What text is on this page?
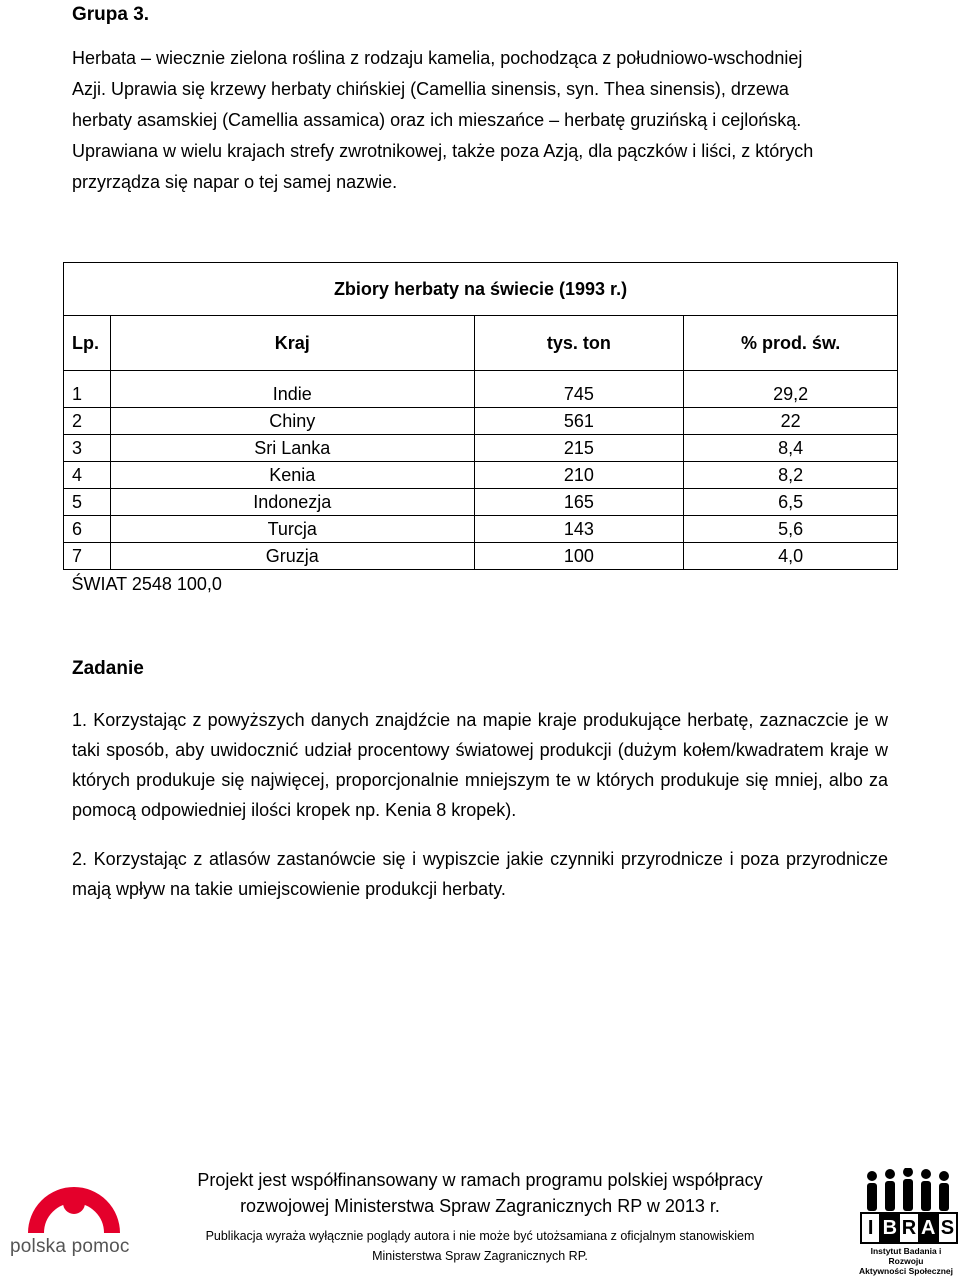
Grupa 3.
Herbata – wiecznie zielona roślina z rodzaju kamelia, pochodząca z południowo-wschodniej
Azji. Uprawia się krzewy herbaty chińskiej (Camellia sinensis, syn. Thea sinensis), drzewa
herbaty asamskiej (Camellia assamica) oraz ich mieszańce – herbatę gruzińską i cejlońską.
Uprawiana w wielu krajach strefy zwrotnikowej, także poza Azją, dla pączków i liści, z których
przyrządza się napar o tej samej nazwie.
Zbiory herbaty na świecie (1993 r.)			
Lp.	Kraj	tys. ton	% prod. św.
1	Indie	745	29,2
2	Chiny	561	22
3	Sri Lanka	215	8,4
4	Kenia	210	8,2
5	Indonezja	165	6,5
6	Turcja	143	5,6
7	Gruzja	100	4,0
ŚWIAT 2548 100,0			
Zadanie

1. Korzystając z powyższych danych znajdźcie na mapie kraje produkujące herbatę, zaznaczcie je w taki sposób, aby uwidocznić udział procentowy światowej produkcji (dużym kołem/kwadratem kraje w których produkuje się najwięcej, proporcjonalnie mniejszym te w których produkuje się mniej, albo za pomocą odpowiedniej ilości kropek np. Kenia 8 kropek).

2. Korzystając z atlasów zastanówcie się i wypiszcie jakie czynniki przyrodnicze i poza przyrodnicze mają wpływ na takie umiejscowienie produkcji herbaty.

polska pomoc
Projekt jest współfinansowany w ramach programu polskiej współpracy
rozwojowej Ministerstwa Spraw Zagranicznych RP w 2013 r.
Publikacja wyraża wyłącznie poglądy autora i nie może być utożsamiana z oficjalnym stanowiskiem
Ministerstwa Spraw Zagranicznych RP.
I B R A S
Instytut Badania i Rozwoju
Aktywności Społecznej
